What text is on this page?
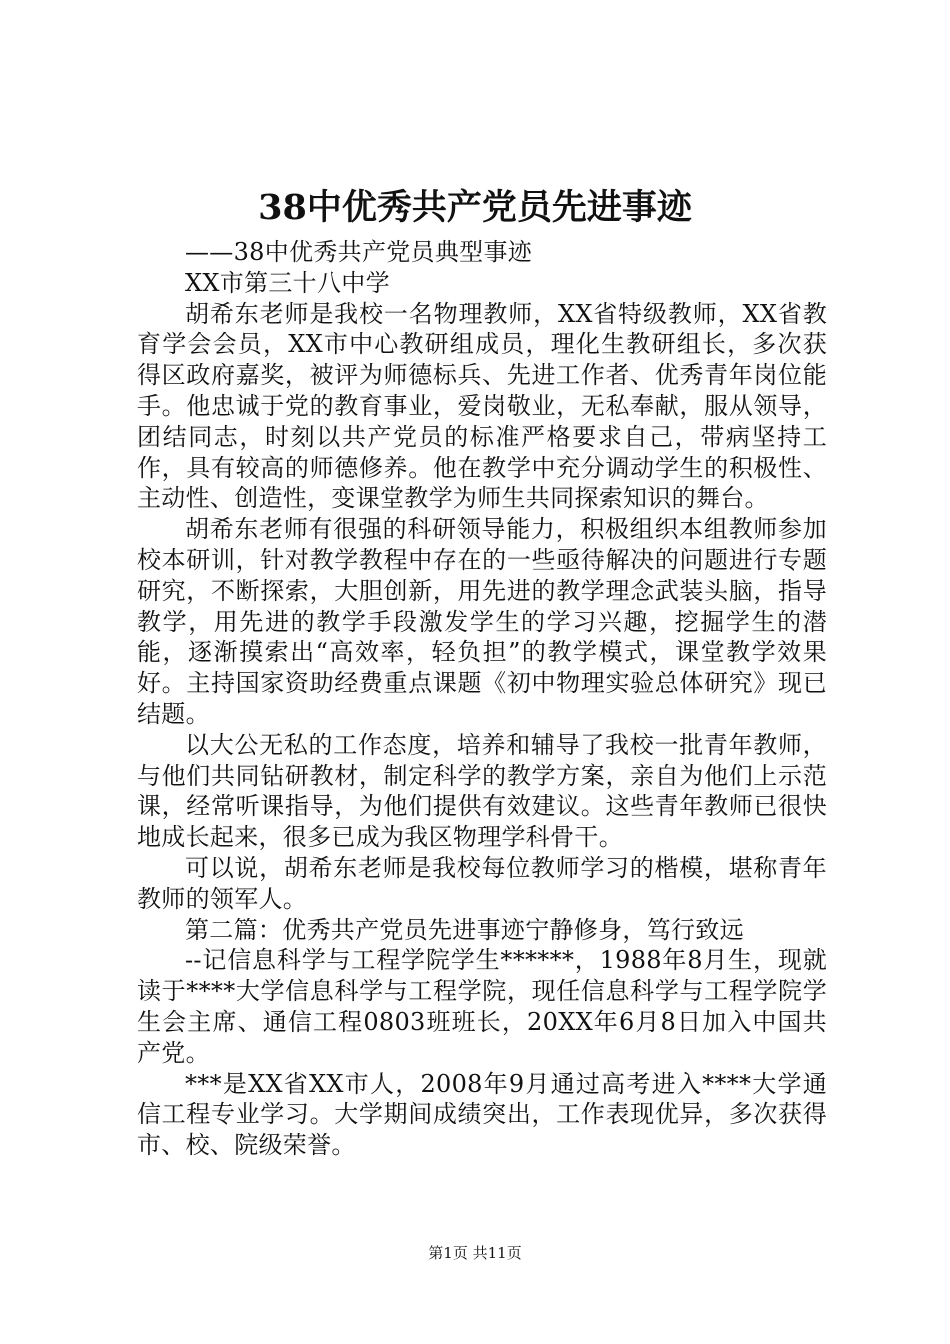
38中优秀共产党员先进事迹

——38中优秀共产党员典型事迹

XX市第三十八中学

胡希东老师是我校一名物理教师，XX省特级教师，XX省教育学会会员，XX市中心教研组成员，理化生教研组长，多次获得区政府嘉奖，被评为师德标兵、先进工作者、优秀青年岗位能手。他忠诚于党的教育事业，爱岗敬业，无私奉献，服从领导，团结同志，时刻以共产党员的标准严格要求自己，带病坚持工作，具有较高的师德修养。他在教学中充分调动学生的积极性、主动性、创造性，变课堂教学为师生共同探索知识的舞台。

胡希东老师有很强的科研领导能力，积极组织本组教师参加校本研训，针对教学教程中存在的一些亟待解决的问题进行专题研究，不断探索，大胆创新，用先进的教学理念武装头脑，指导教学，用先进的教学手段激发学生的学习兴趣，挖掘学生的潜能，逐渐摸索出“高效率，轻负担”的教学模式，课堂教学效果好。主持国家资助经费重点课题《初中物理实验总体研究》现已结题。

以大公无私的工作态度，培养和辅导了我校一批青年教师，与他们共同钻研教材，制定科学的教学方案，亲自为他们上示范课，经常听课指导，为他们提供有效建议。这些青年教师已很快地成长起来，很多已成为我区物理学科骨干。

可以说，胡希东老师是我校每位教师学习的楷模，堪称青年教师的领军人。

第二篇：优秀共产党员先进事迹宁静修身，笃行致远

--记信息科学与工程学院学生******，1988年8月生，现就读于****大学信息科学与工程学院，现任信息科学与工程学院学生会主席、通信工程0803班班长，20XX年6月8日加入中国共产党。

***是XX省XX市人，2008年9月通过高考进入****大学通信工程专业学习。大学期间成绩突出，工作表现优异，多次获得市、校、院级荣誉。

第1页 共11页
